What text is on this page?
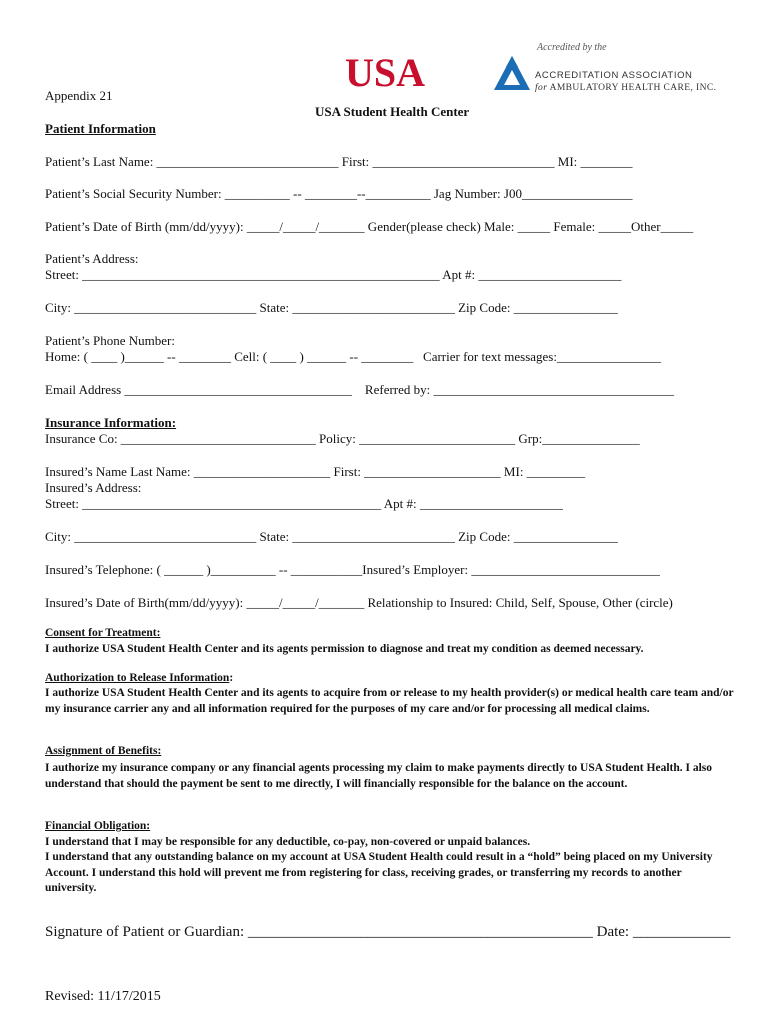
USA
Accredited by the
ACCREDITATION ASSOCIATION
for AMBULATORY HEALTH CARE, INC.
Appendix 21
USA Student Health Center
Patient Information
Patient’s Last Name: ____________________________ First: ____________________________ MI: ________
Patient’s Social Security Number: __________ -- ________--__________ Jag Number: J00_________________
Patient’s Date of Birth (mm/dd/yyyy): _____/_____/_______ Gender(please check) Male: _____ Female: _____Other_____
Patient’s Address:
Street: _______________________________________________________ Apt #: ______________________
City: ____________________________ State: _________________________ Zip Code: ________________
Patient’s Phone Number:
Home: ( ____ )______ -- ________ Cell: ( ____ ) ______ -- ________   Carrier for text messages:________________
Email Address ___________________________________    Referred by: _____________________________________
Insurance Information:
Insurance Co: ______________________________ Policy: ________________________ Grp:_______________
Insured’s Name Last Name: _____________________ First: _____________________ MI: _________
Insured’s Address:
Street: ______________________________________________ Apt #: ______________________
City: ____________________________ State: _________________________ Zip Code: ________________
Insured’s Telephone: ( ______ )__________ -- ___________Insured’s Employer: _____________________________
Insured’s Date of Birth(mm/dd/yyyy): _____/_____/_______ Relationship to Insured: Child, Self, Spouse, Other (circle)
Consent for Treatment:
I authorize USA Student Health Center and its agents permission to diagnose and treat my condition as deemed necessary.
Authorization to Release Information:
I authorize USA Student Health Center and its agents to acquire from or release to my health provider(s) or medical health care team and/or my insurance carrier any and all information required for the purposes of my care and/or for processing all medical claims.
Assignment of Benefits:
I authorize my insurance company or any financial agents processing my claim to make payments directly to USA Student Health. I also understand that should the payment be sent to me directly, I will financially responsible for the balance on the account.
Financial Obligation:
I understand that I may be responsible for any deductible, co-pay, non-covered or unpaid balances.
I understand that any outstanding balance on my account at USA Student Health could result in a “hold” being placed on my University Account. I understand this hold will prevent me from registering for class, receiving grades, or transferring my records to another university.
Signature of Patient or Guardian: ______________________________________________ Date: _____________
Revised: 11/17/2015
